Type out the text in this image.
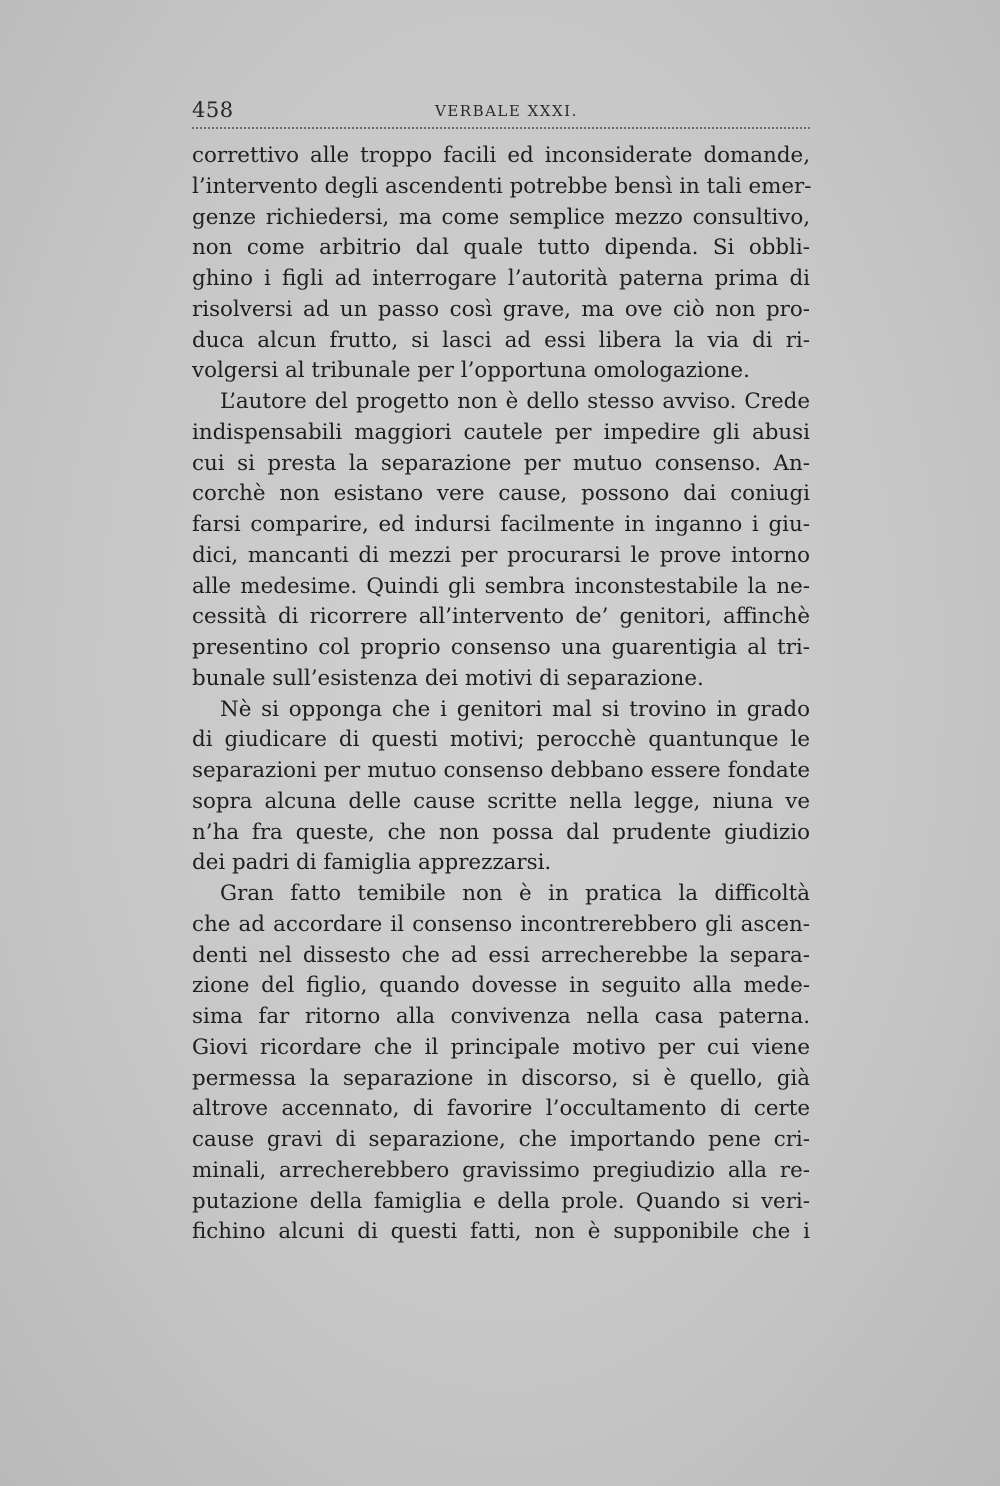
458	VERBALE XXXI.
correttivo alle troppo facili ed inconsiderate domande,
l’intervento degli ascendenti potrebbe bensì in tali emer-
genze richiedersi, ma come semplice mezzo consultivo,
non come arbitrio dal quale tutto dipenda. Si obbli-
ghino i figli ad interrogare l’autorità paterna prima di
risolversi ad un passo così grave, ma ove ciò non pro-
duca alcun frutto, si lasci ad essi libera la via di ri-
volgersi al tribunale per l’opportuna omologazione.
L’autore del progetto non è dello stesso avviso. Crede
indispensabili maggiori cautele per impedire gli abusi
cui si presta la separazione per mutuo consenso. An-
corchè non esistano vere cause, possono dai coniugi
farsi comparire, ed indursi facilmente in inganno i giu-
dici, mancanti di mezzi per procurarsi le prove intorno
alle medesime. Quindi gli sembra inconstestabile la ne-
cessità di ricorrere all’intervento de’ genitori, affinchè
presentino col proprio consenso una guarentigia al tri-
bunale sull’esistenza dei motivi di separazione.
Nè si opponga che i genitori mal si trovino in grado
di giudicare di questi motivi; perocchè quantunque le
separazioni per mutuo consenso debbano essere fondate
sopra alcuna delle cause scritte nella legge, niuna ve
n’ha fra queste, che non possa dal prudente giudizio
dei padri di famiglia apprezzarsi.
Gran fatto temibile non è in pratica la difficoltà
che ad accordare il consenso incontrerebbero gli ascen-
denti nel dissesto che ad essi arrecherebbe la separa-
zione del figlio, quando dovesse in seguito alla mede-
sima far ritorno alla convivenza nella casa paterna.
Giovi ricordare che il principale motivo per cui viene
permessa la separazione in discorso, si è quello, già
altrove accennato, di favorire l’occultamento di certe
cause gravi di separazione, che importando pene cri-
minali, arrecherebbero gravissimo pregiudizio alla re-
putazione della famiglia e della prole. Quando si veri-
fichino alcuni di questi fatti, non è supponibile che i
